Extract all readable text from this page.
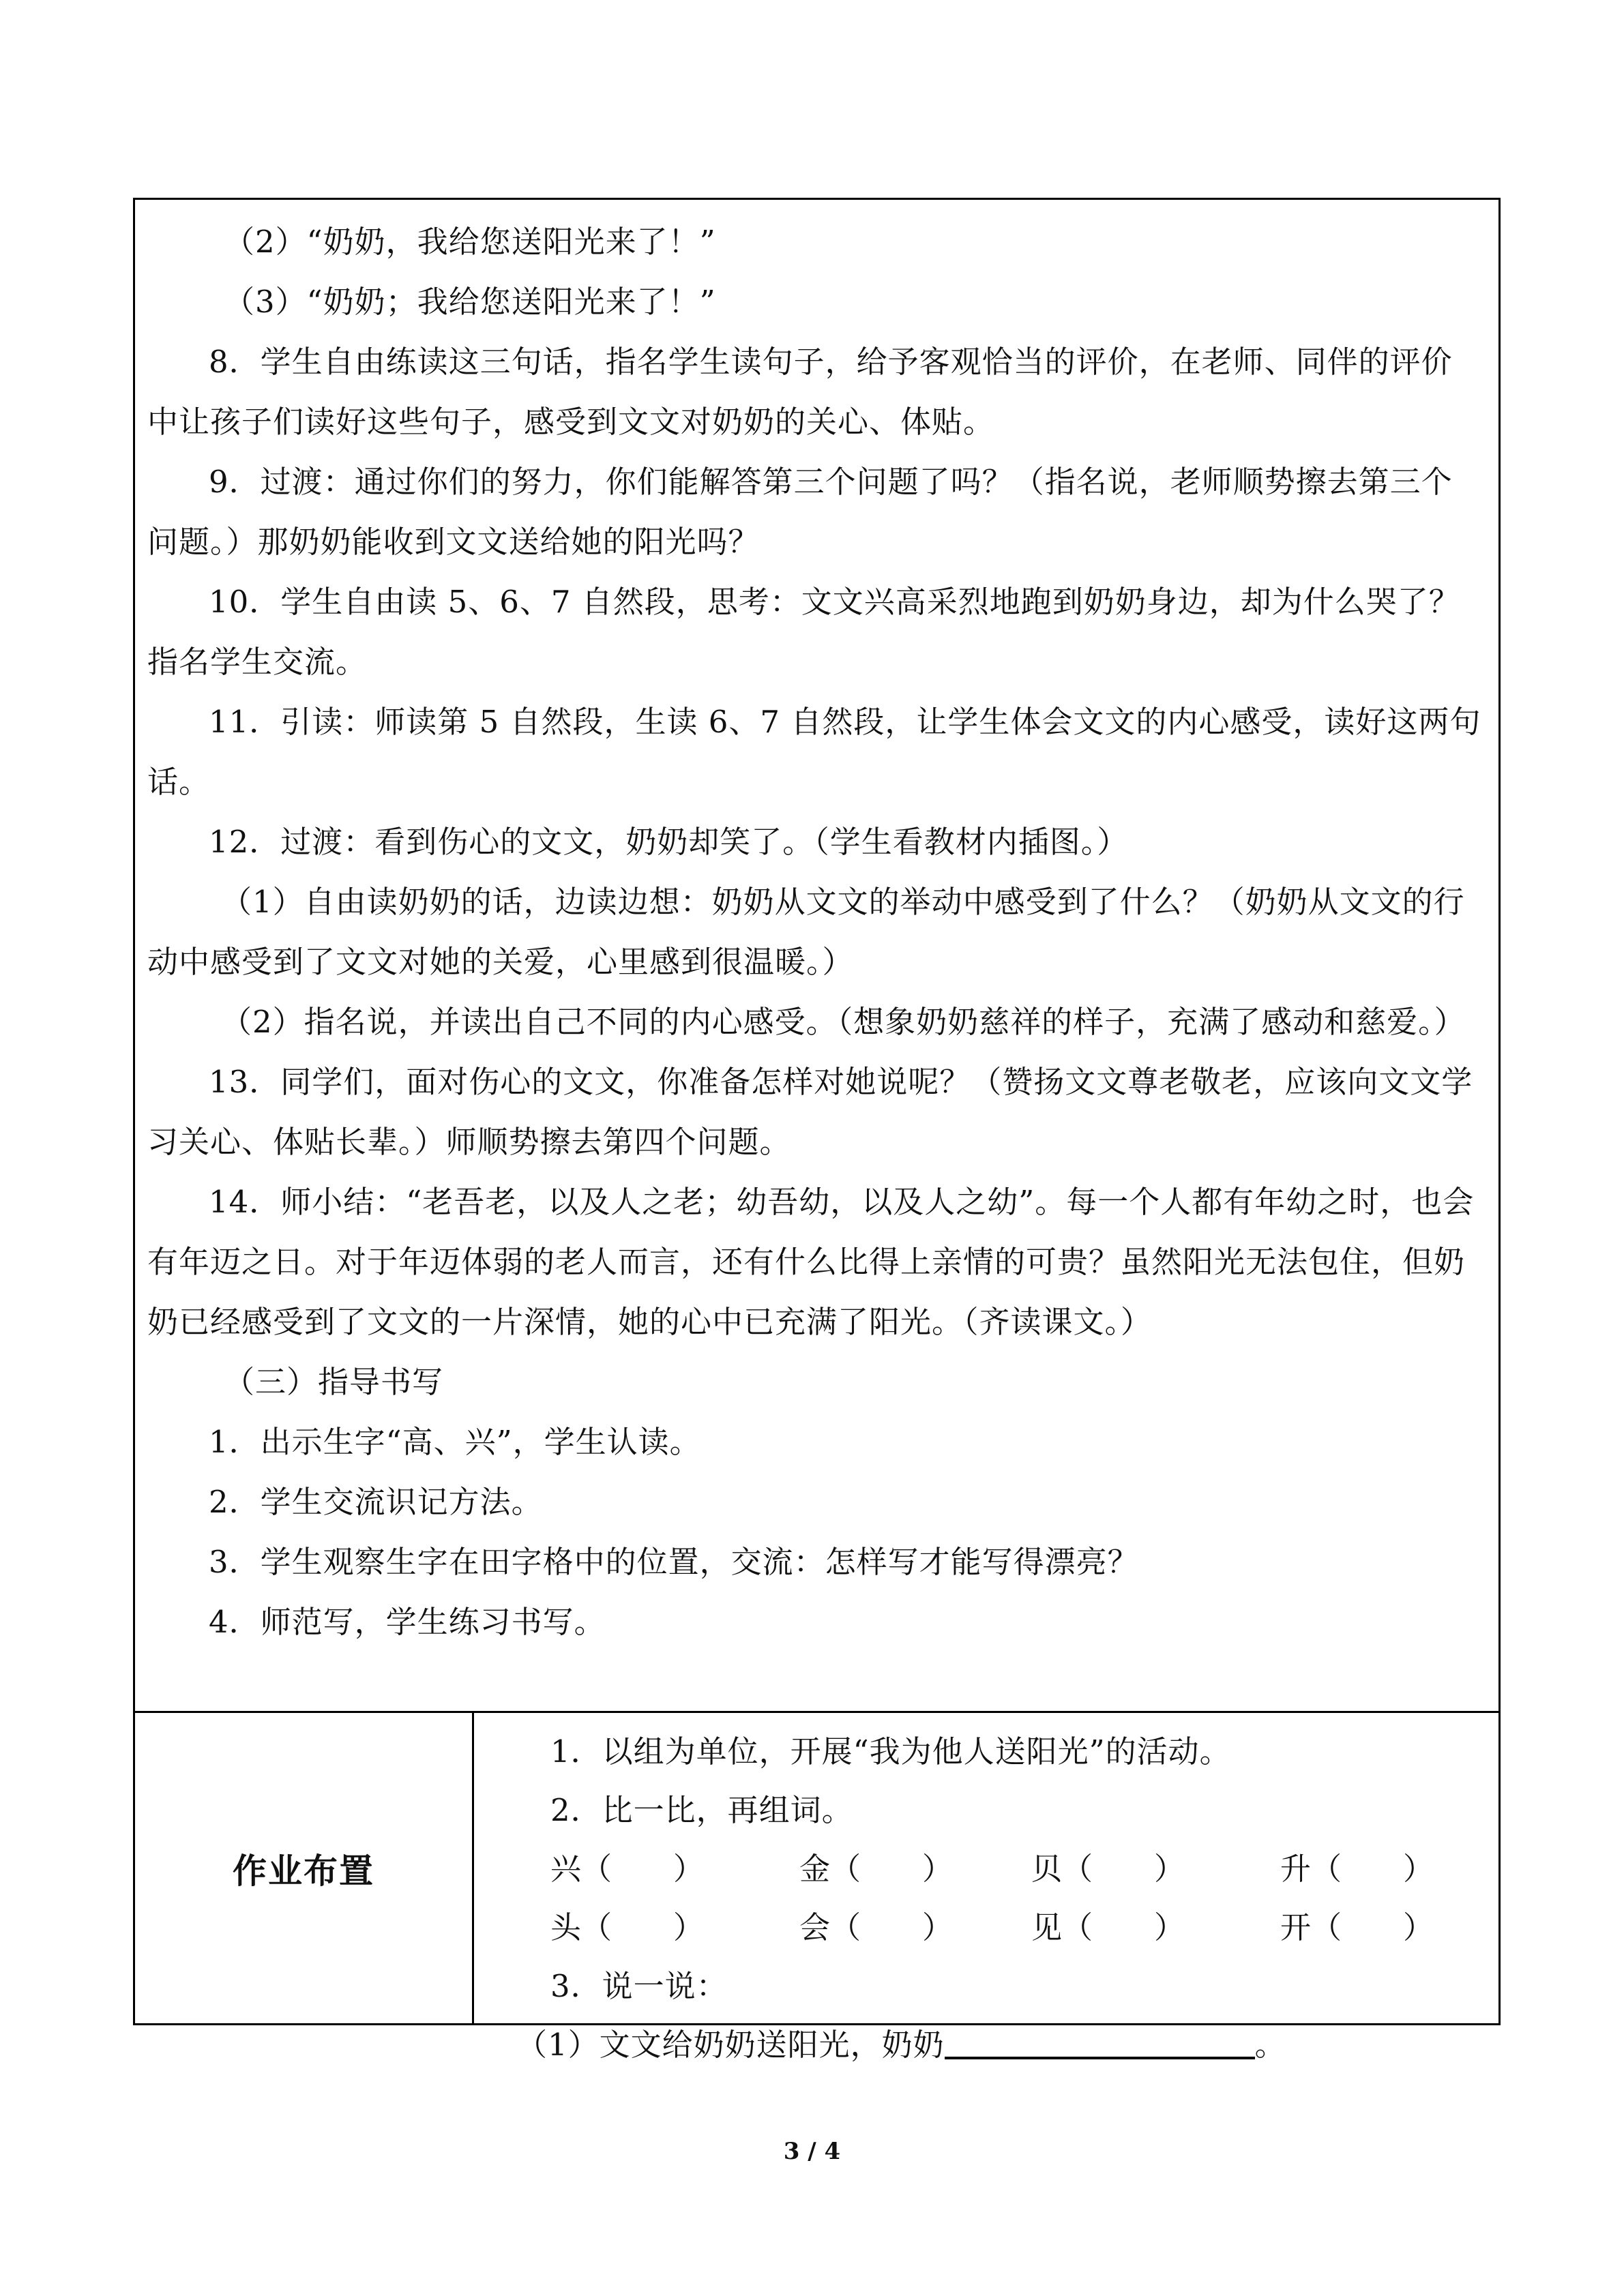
（2）“奶奶，我给您送阳光来了！”

（3）“奶奶；我给您送阳光来了！”

8．学生自由练读这三句话，指名学生读句子，给予客观恰当的评价，在老师、同伴的评价中让孩子们读好这些句子，感受到文文对奶奶的关心、体贴。

9．过渡：通过你们的努力，你们能解答第三个问题了吗？（指名说，老师顺势擦去第三个问题。）那奶奶能收到文文送给她的阳光吗？

10．学生自由读 5、6、7 自然段，思考：文文兴高采烈地跑到奶奶身边，却为什么哭了？指名学生交流。

11．引读：师读第 5 自然段，生读 6、7 自然段，让学生体会文文的内心感受，读好这两句话。

12．过渡：看到伤心的文文，奶奶却笑了。（学生看教材内插图。）

（1）自由读奶奶的话，边读边想：奶奶从文文的举动中感受到了什么？（奶奶从文文的行动中感受到了文文对她的关爱，心里感到很温暖。）

（2）指名说，并读出自己不同的内心感受。（想象奶奶慈祥的样子，充满了感动和慈爱。）

13．同学们，面对伤心的文文，你准备怎样对她说呢？（赞扬文文尊老敬老，应该向文文学习关心、体贴长辈。）师顺势擦去第四个问题。

14．师小结：“老吾老，以及人之老；幼吾幼，以及人之幼”。每一个人都有年幼之时，也会有年迈之日。对于年迈体弱的老人而言，还有什么比得上亲情的可贵？虽然阳光无法包住，但奶奶已经感受到了文文的一片深情，她的心中已充满了阳光。（齐读课文。）

（三）指导书写

1．出示生字“高、兴”，学生认读。

2．学生交流识记方法。

3．学生观察生字在田字格中的位置，交流：怎样写才能写得漂亮？

4．师范写，学生练习书写。

作业布置

1．以组为单位，开展“我为他人送阳光”的活动。

2．比一比，再组词。

兴（　　）	金（　　）	贝（　　）	升（　　）
头（　　）	会（　　）	见（　　）	开（　　）

3．说一说：

（1）文文给奶奶送阳光，奶奶	。

3 / 4
